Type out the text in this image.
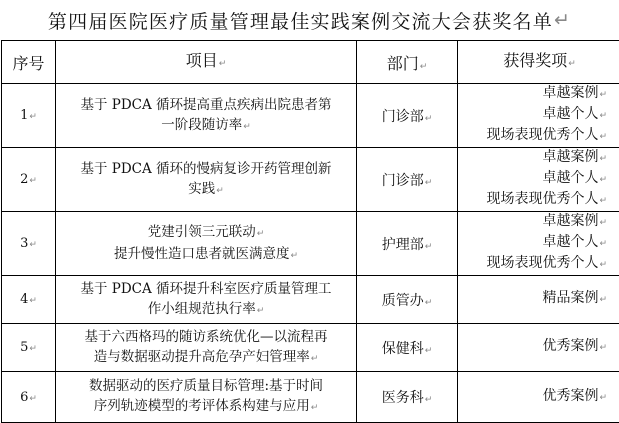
第四届医院医疗质量管理最佳实践案例交流大会获奖名单 ↵
序号	项目↵	部门↵	获得奖项↵
1↵	基于 PDCA 循环提高重点疾病出院患者第
一阶段随访率↵	门诊部↵	卓越案例↵
卓越个人↵
现场表现优秀个人↵

2↵	基于 PDCA 循环的慢病复诊开药管理创新
实践↵	门诊部↵	卓越案例↵
卓越个人↵
现场表现优秀个人↵

3↵	党建引领三元联动↵
提升慢性造口患者就医满意度↵	护理部↵	卓越案例↵
卓越个人↵
现场表现优秀个人↵

4↵	基于 PDCA 循环提升科室医疗质量管理工
作小组规范执行率↵	质管办↵	精品案例↵
5↵	基于六西格玛的随访系统优化—以流程再
造与数据驱动提升高危孕产妇管理率↵	保健科↵	优秀案例↵
6↵	数据驱动的医疗质量目标管理:基于时间
序列轨迹模型的考评体系构建与应用↵	医务科↵	优秀案例↵
